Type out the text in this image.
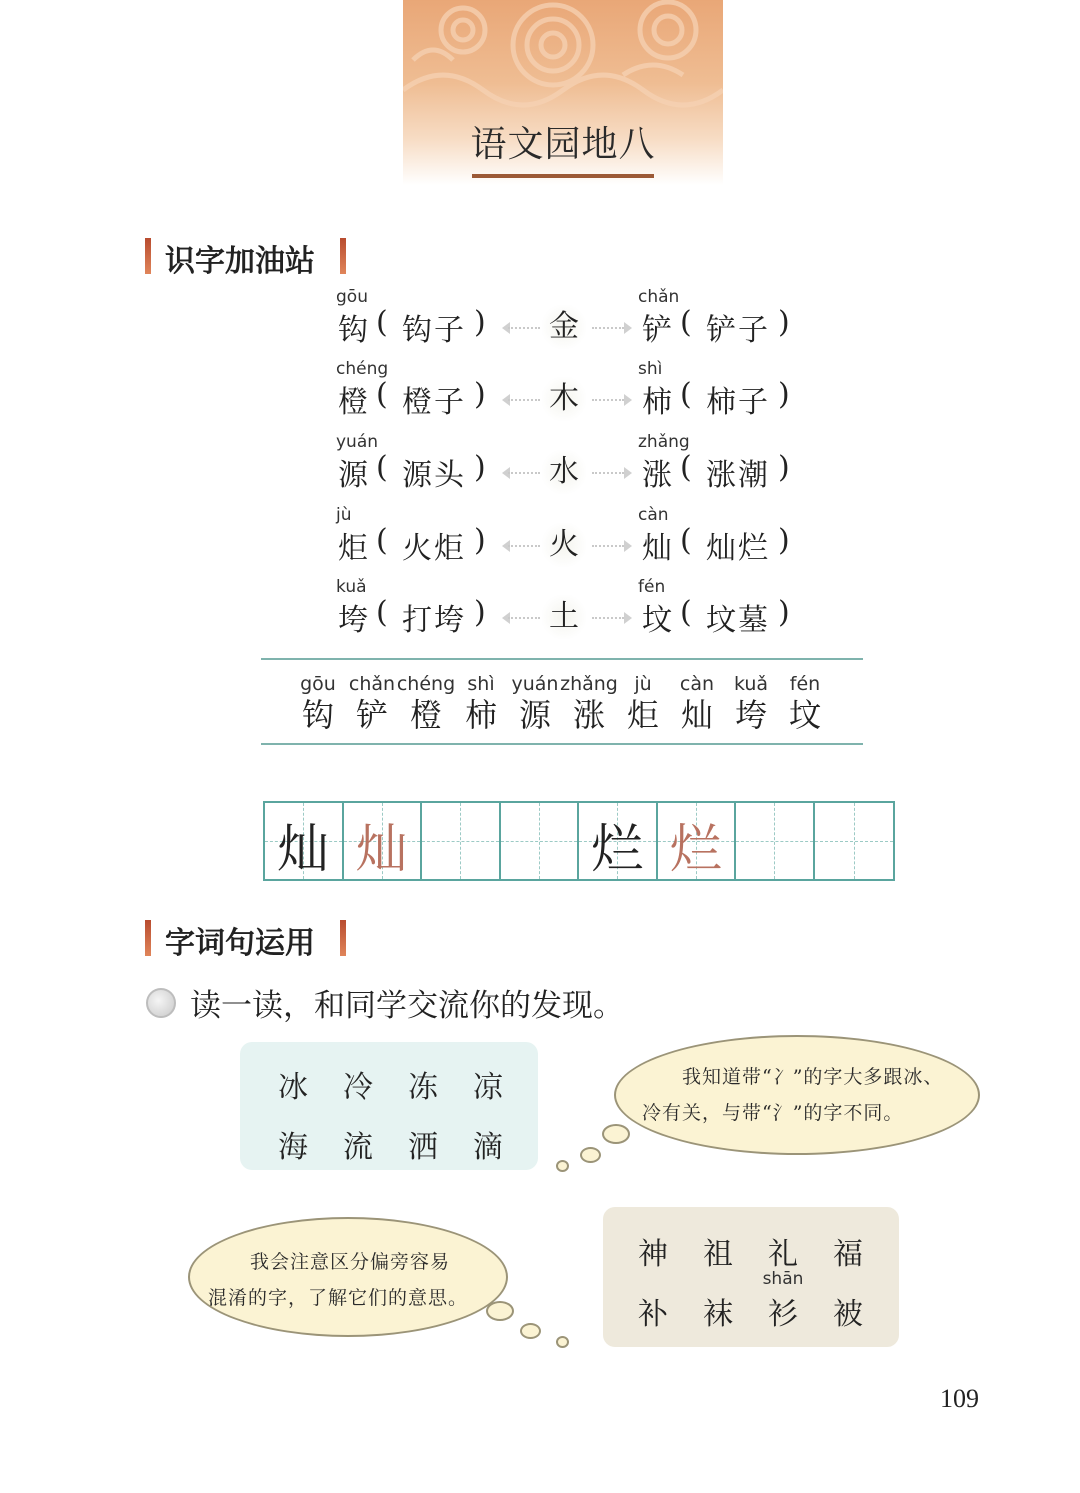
语文园地八
识字加油站
gōu
钩 ( 钩子 ) 金
chǎn
铲 ( 铲子 )
chéng
橙 ( 橙子 ) 木
shì
柿 ( 柿子 )
yuán
源 ( 源头 ) 水
zhǎng
涨 ( 涨潮 )
jù
炬 ( 火炬 ) 火
càn
灿 ( 灿烂 )
kuǎ
垮 ( 打垮 ) 土
fén
坟 ( 坟墓 )
gōu
钩
chǎn
铲
chéng
橙
shì
柿
yuán
源
zhǎng
涨
jù
炬
càn
灿
kuǎ
垮
fén
坟
灿 灿	烂 烂
字词句运用
读一读，和同学交流你的发现。
冰 冷 冻 凉
海 流 洒 滴
我知道带“冫”的字大多跟冰、
冷有关，与带“氵”的字不同。
我会注意区分偏旁容易
混淆的字，了解它们的意思。
神 祖 礼 福
shān
补 袜 衫 被
109
